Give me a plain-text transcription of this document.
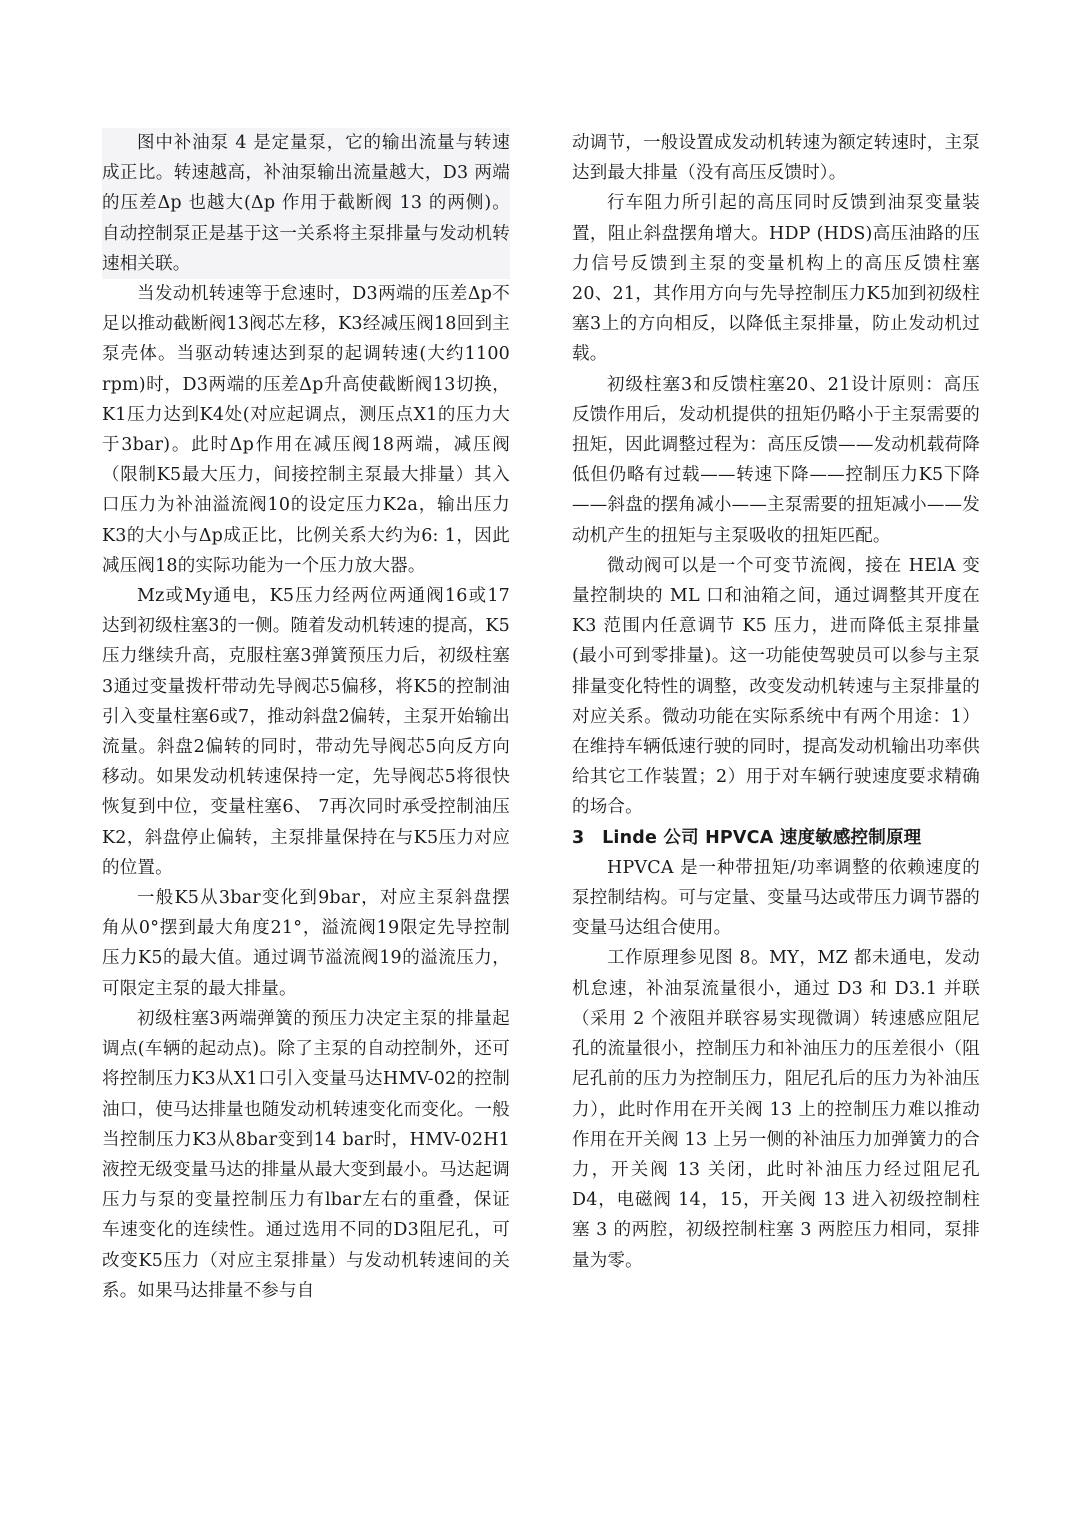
图中补油泵 4 是定量泵，它的输出流量与转速成正比。转速越高，补油泵输出流量越大，D3 两端的压差Δp 也越大(Δp 作用于截断阀 13 的两侧)。自动控制泵正是基于这一关系将主泵排量与发动机转速相关联。

当发动机转速等于怠速时，D3两端的压差Δp不足以推动截断阀13阀芯左移，K3经减压阀18回到主泵壳体。当驱动转速达到泵的起调转速(大约1100 rpm)时，D3两端的压差Δp升高使截断阀13切换，K1压力达到K4处(对应起调点，测压点X1的压力大于3bar)。此时Δp作用在减压阀18两端，减压阀（限制K5最大压力，间接控制主泵最大排量）其入口压力为补油溢流阀10的设定压力K2a，输出压力K3的大小与Δp成正比，比例关系大约为6: 1，因此减压阀18的实际功能为一个压力放大器。

Mz或My通电，K5压力经两位两通阀16或17达到初级柱塞3的一侧。随着发动机转速的提高，K5压力继续升高，克服柱塞3弹簧预压力后，初级柱塞3通过变量拨杆带动先导阀芯5偏移，将K5的控制油引入变量柱塞6或7，推动斜盘2偏转，主泵开始输出流量。斜盘2偏转的同时，带动先导阀芯5向反方向移动。如果发动机转速保持一定，先导阀芯5将很快恢复到中位，变量柱塞6、 7再次同时承受控制油压K2，斜盘停止偏转，主泵排量保持在与K5压力对应的位置。

一般K5从3bar变化到9bar，对应主泵斜盘摆角从0°摆到最大角度21°，溢流阀19限定先导控制压力K5的最大值。通过调节溢流阀19的溢流压力，可限定主泵的最大排量。

初级柱塞3两端弹簧的预压力决定主泵的排量起调点(车辆的起动点)。除了主泵的自动控制外，还可将控制压力K3从X1口引入变量马达HMV-02的控制油口，使马达排量也随发动机转速变化而变化。一般当控制压力K3从8bar变到14 bar时，HMV-02H1液控无级变量马达的排量从最大变到最小。马达起调压力与泵的变量控制压力有lbar左右的重叠，保证车速变化的连续性。通过选用不同的D3阻尼孔，可改变K5压力（对应主泵排量）与发动机转速间的关系。如果马达排量不参与自

动调节，一般设置成发动机转速为额定转速时，主泵达到最大排量（没有高压反馈时）。

行车阻力所引起的高压同时反馈到油泵变量装置，阻止斜盘摆角增大。HDP (HDS)高压油路的压力信号反馈到主泵的变量机构上的高压反馈柱塞20、21，其作用方向与先导控制压力K5加到初级柱塞3上的方向相反，以降低主泵排量，防止发动机过载。

初级柱塞3和反馈柱塞20、21设计原则：高压反馈作用后，发动机提供的扭矩仍略小于主泵需要的扭矩，因此调整过程为：高压反馈——发动机载荷降低但仍略有过载——转速下降——控制压力K5下降——斜盘的摆角减小——主泵需要的扭矩减小——发动机产生的扭矩与主泵吸收的扭矩匹配。

微动阀可以是一个可变节流阀，接在 HElA 变量控制块的 ML 口和油箱之间，通过调整其开度在 K3 范围内任意调节 K5 压力，进而降低主泵排量(最小可到零排量)。这一功能使驾驶员可以参与主泵排量变化特性的调整，改变发动机转速与主泵排量的对应关系。微动功能在实际系统中有两个用途：1）在维持车辆低速行驶的同时，提高发动机输出功率供给其它工作装置；2）用于对车辆行驶速度要求精确的场合。

3　Linde 公司 HPVCA 速度敏感控制原理

HPVCA 是一种带扭矩/功率调整的依赖速度的泵控制结构。可与定量、变量马达或带压力调节器的变量马达组合使用。

工作原理参见图 8。MY，MZ 都未通电，发动机怠速，补油泵流量很小，通过 D3 和 D3.1 并联（采用 2 个液阻并联容易实现微调）转速感应阻尼孔的流量很小，控制压力和补油压力的压差很小（阻尼孔前的压力为控制压力，阻尼孔后的压力为补油压力），此时作用在开关阀 13 上的控制压力难以推动作用在开关阀 13 上另一侧的补油压力加弹簧力的合力，开关阀 13 关闭，此时补油压力经过阻尼孔 D4，电磁阀 14，15，开关阀 13 进入初级控制柱塞 3 的两腔，初级控制柱塞 3 两腔压力相同，泵排量为零。
